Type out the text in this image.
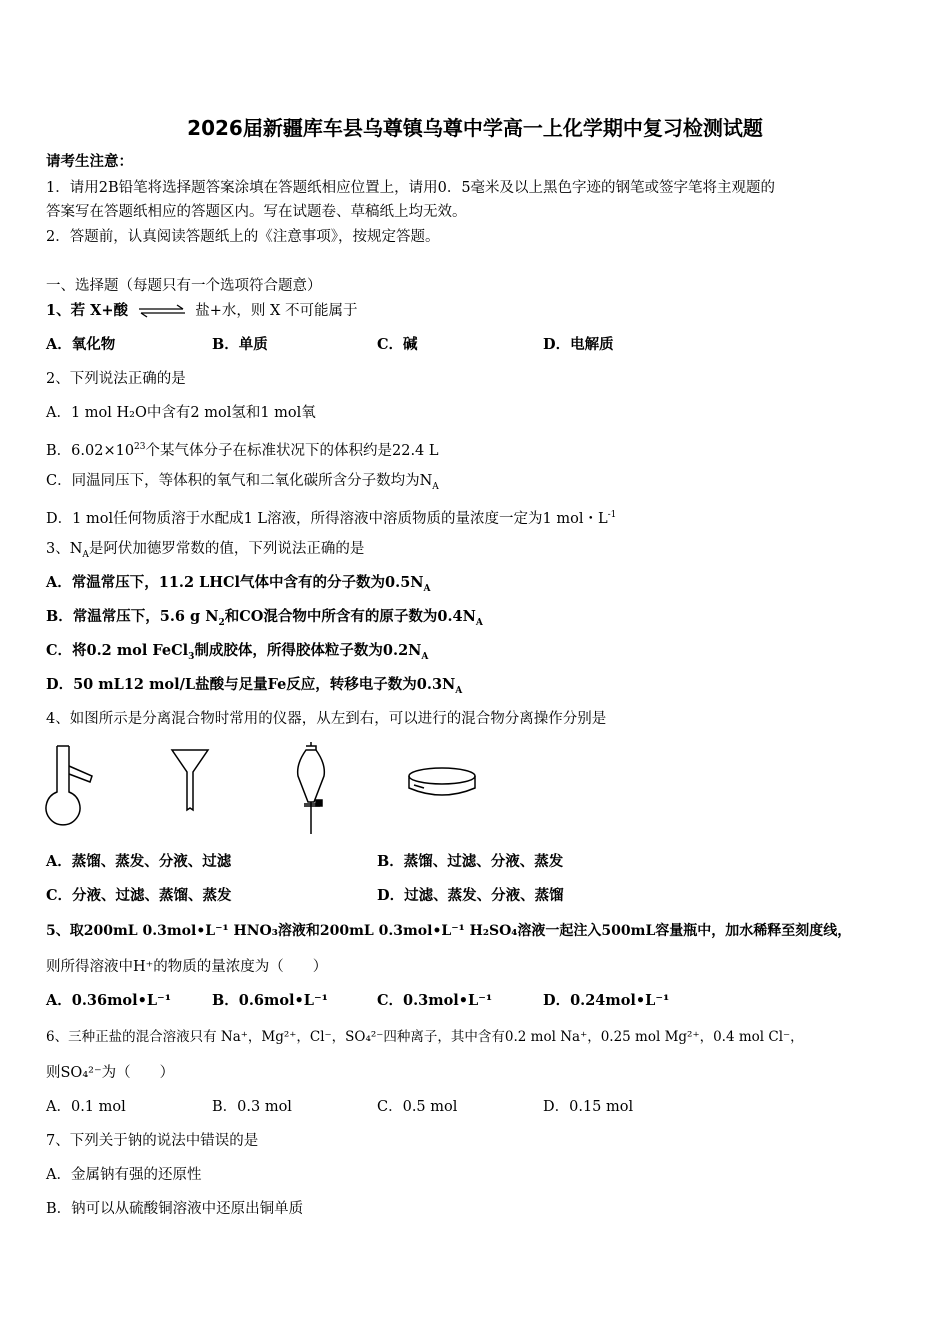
2026届新疆库车县乌尊镇乌尊中学高一上化学期中复习检测试题
请考生注意：
1．请用2B铅笔将选择题答案涂填在答题纸相应位置上，请用0．5毫米及以上黑色字迹的钢笔或签字笔将主观题的
答案写在答题纸相应的答题区内。写在试题卷、草稿纸上均无效。
2．答题前，认真阅读答题纸上的《注意事项》，按规定答题。
一、选择题（每题只有一个选项符合题意）
1、若 X+酸 ⇌ 盐+水，则 X 不可能属于
A．氧化物	B．单质	C．碱	D．电解质
2、下列说法正确的是
A．1 mol H₂O中含有2 mol氢和1 mol氧
B．$6.02\times 10^{23}$个某气体分子在标准状况下的体积约是22.4 L
C．同温同压下，等体积的氧气和二氧化碳所含分子数均为$N_A$
D．1 mol任何物质溶于水配成1 L溶液，所得溶液中溶质物质的量浓度一定为1 mol・$L^{-1}$
3、$N_A$是阿伏加德罗常数的值，下列说法正确的是
A．常温常压下，11.2 LHCl气体中含有的分子数为$0.5N_A$
B．常温常压下，5.6 g $N_2$和CO混合物中所含有的原子数为$0.4N_A$
C．将0.2 mol FeCl$_3$制成胶体，所得胶体粒子数为$0.2N_A$
D．50 mL12 mol/L盐酸与足量Fe反应，转移电子数为$0.3N_A$
4、如图所示是分离混合物时常用的仪器，从左到右，可以进行的混合物分离操作分别是
A．蒸馏、蒸发、分液、过滤	B．蒸馏、过滤、分液、蒸发
C．分液、过滤、蒸馏、蒸发	D．过滤、蒸发、分液、蒸馏
5、取200mL 0.3mol•L⁻¹ HNO₃溶液和200mL 0.3mol•L⁻¹ H₂SO₄溶液一起注入500mL容量瓶中，加水稀释至刻度线，
则所得溶液中H⁺的物质的量浓度为（　　）
A．0.36mol•L⁻¹	B．0.6mol•L⁻¹	C．0.3mol•L⁻¹	D．0.24mol•L⁻¹
6、三种正盐的混合溶液只有 Na⁺，Mg²⁺，Cl⁻，SO₄²⁻四种离子，其中含有0.2 mol Na⁺，0.25 mol Mg²⁺，0.4 mol Cl⁻，
则SO₄²⁻为（　　）
A．0.1 mol	B．0.3 mol	C．0.5 mol	D．0.15 mol
7、下列关于钠的说法中错误的是
A．金属钠有强的还原性
B．钠可以从硫酸铜溶液中还原出铜单质
